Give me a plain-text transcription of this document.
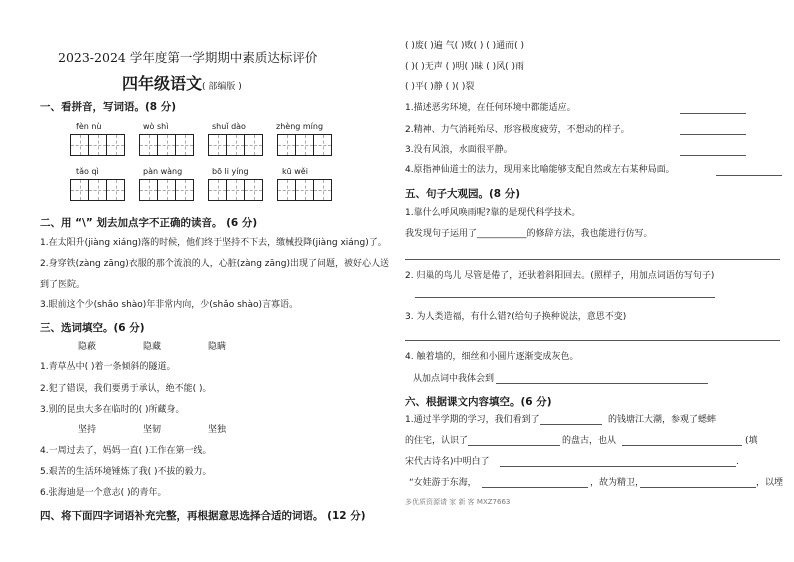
2023-2024 学年度第一学期期中素质达标评价
四年级语文( 部编版 )
一、看拼音，写词语。(8 分)
fèn nù	wò shì	shuǐ dào	zhèng míng
tǎo qì	pàn wàng	bō li yíng	kū wěi
二、用 “\” 划去加点字不正确的读音。 (6 分)
1.在太阳升(jiàng xiáng)落的时候，他们终于坚持不下去，缴械投降(jiàng xiáng)了。
2.身穿铁(zàng zāng)衣服的那个流浪的人，心脏(zàng zāng)出现了问题，被好心人送
到了医院。
3.眼前这个少(shǎo shào)年非常内向，少(shǎo shào)言寡语。
三、选词填空。(6 分)
隐蔽	隐藏	隐瞒
1.青草丛中( )着一条倾斜的隧道。
2.犯了错误，我们要勇于承认，绝不能( )。
3.别的昆虫大多在临时的( )所藏身。
坚持	坚韧	坚独
4.一周过去了，妈妈一直( )工作在第一线。
5.艰苦的生活环境锤炼了我( )不拔的毅力。
6.张海迪是一个意志( )的青年。
四、将下面四字词语补充完整，再根据意思选择合适的词语。 (12 分)
( )废( )遍 气( )败( ) ( )通而( )
( )( )无声 ( )明( )昧 ( )风( )雨
( )平( )静 ( )( )裂
1.描述恶劣环境，在任何环境中都能适应。
2.精神、力气消耗殆尽、形容极度疲劳，不想动的样子。
3.没有风浪，水面很平静。
4.原指神仙道士的法力，现用来比喻能够支配自然或左右某种局面。
五、句子大观园。(8 分)
1.靠什么呼风唤雨呢?靠的是现代科学技术。
我发现句子运用了___________的修辞方法，我也能进行仿写。
2. 归巢的鸟儿 尽管是倦了，还驮着斜阳回去。(照样子，用加点词语仿写句子)
3. 为人类造福，有什么错?(给句子换种说法，意思不变)
4. 触着墙的，细丝和小圆片逐渐变成灰色。
从加点词中我体会到
六、根据课文内容填空。(6 分)
1.通过半学期的学习，我们看到了	的钱塘江大潮，参观了蟋蟀
的住宅，认识了	的盘古，也从	(填
宋代古诗名)中明白了	.
“女娃游于东海，	，故为精卫，	，以堙
多优质资源请 家 新 客 MXZ7663
